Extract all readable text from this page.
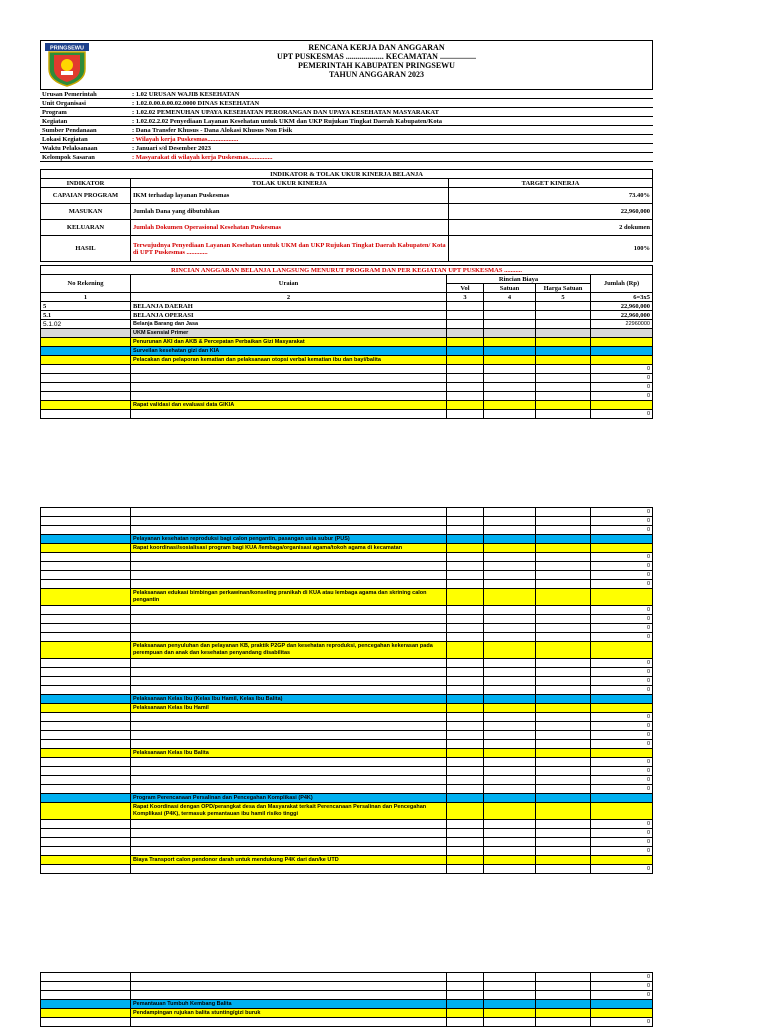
PRINGSEWU	RENCANA KERJA DAN ANGGARAN
UPT PUSKESMAS ................... KECAMATAN ..................
PEMERINTAH KABUPATEN PRINGSEWU
TAHUN ANGGARAN 2023
Urusan Pemerintah	: 1.02 URUSAN WAJIB KESEHATAN
Unit Organisasi	: 1.02.0.00.0.00.02.0000 DINAS KESEHATAN
Program	: 1.02.02 PEMENUHAN UPAYA KESEHATAN PERORANGAN DAN UPAYA KESEHATAN MASYARAKAT
Kegiatan	: 1.02.02.2.02 Penyediaan Layanan Kesehatan untuk UKM dan UKP Rujukan Tingkat Daerah Kabupaten/Kota
Sumber Pendanaan	: Dana Transfer Khusus - Dana Alokasi Khusus Non Fisik
Lokasi Kegiatan	: Wilayah kerja Puskesmas...................
Waktu Pelaksanaan	: Januari s/d Desember 2023
Kelompok Sasaran	: Masyarakat di wilayah kerja Puskesmas...............
INDIKATOR & TOLAK UKUR KINERJA BELANJA		
INDIKATOR	TOLAK UKUR KINERJA	TARGET KINERJA
CAPAIAN PROGRAM	IKM terhadap layanan Puskesmas	73.40%
MASUKAN	Jumlah Dana yang dibutuhkan	22,960,000
KELUARAN	Jumlah Dokumen Operasional Kesehatan Puskesmas	2 dokumen
HASIL	Terwujudnya Penyediaan Layanan Kesehatan untuk UKM dan UKP Rujukan Tingkat Daerah Kabupaten/ Kota di UPT Puskesmas .............	100%
RINCIAN ANGGARAN BELANJA LANGSUNG MENURUT PROGRAM DAN PER KEGIATAN UPT PUSKESMAS ...........					
No Rekening	Uraian	Rincian Biaya			Jumlah (Rp)
		Vol	Satuan	Harga Satuan	
1	2	3	4	5	6=3x5
5	BELANJA DAERAH				22,960,000
5.1	BELANJA OPERASI				22,960,000
5.1.02	Belanja Barang dan Jasa				22960000
	UKM Esensial Primer				
	Penurunan AKI dan AKB & Percepatan Perbaikan Gizi Masyarakat				
	Surveilan kesehatan gizi dan KIA				
	Pelacakan dan pelaporan kematian dan pelaksanaan otopsi verbal kematian ibu dan bayi/balita				
					0
					0
					0
					0
	Rapat validasi dan evaluasi data GIKIA				
					0
					0
					0
					0
	Pelayanan kesehatan reproduksi bagi calon pengantin, pasangan usia subur (PUS)				
	Rapat koordinasi/sosialisasi program bagi KUA /lembaga/organisasi agama/tokoh agama di kecamatan				
					0
					0
					0
					0
	Pelaksanaan edukasi bimbingan perkawinan/konseling pranikah di KUA atau lembaga agama dan skrining calon pengantin				
					0
					0
					0
					0
	Pelaksanaan penyuluhan dan pelayanan KB, praktik P2GP dan kesehatan reproduksi, pencegahan kekerasan pada perempuan dan anak dan kesehatan penyandang disabilitas				
					0
					0
					0
					0
	Pelaksanaan Kelas Ibu (Kelas Ibu Hamil, Kelas Ibu Balita)				
	Pelaksanaan Kelas Ibu Hamil				
					0
					0
					0
					0
	Pelaksanaan Kelas Ibu Balita				
					0
					0
					0
					0
	Program Perencanaan Persalinan dan Pencegahan Komplikasi (P4K)				
	Rapat Koordinasi dengan OPD/perangkat desa dan Masyarakat terkait Perencanaan Persalinan dan Pencegahan Komplikasi (P4K), termasuk pemantauan ibu hamil risiko tinggi				
					0
					0
					0
					0
	Biaya Transport calon pendonor darah untuk mendukung P4K dari dan/ke UTD				
					0
					0
					0
					0
	Pemantauan Tumbuh Kembang Balita				
	Pendampingan rujukan balita stunting/gizi buruk				
					0
